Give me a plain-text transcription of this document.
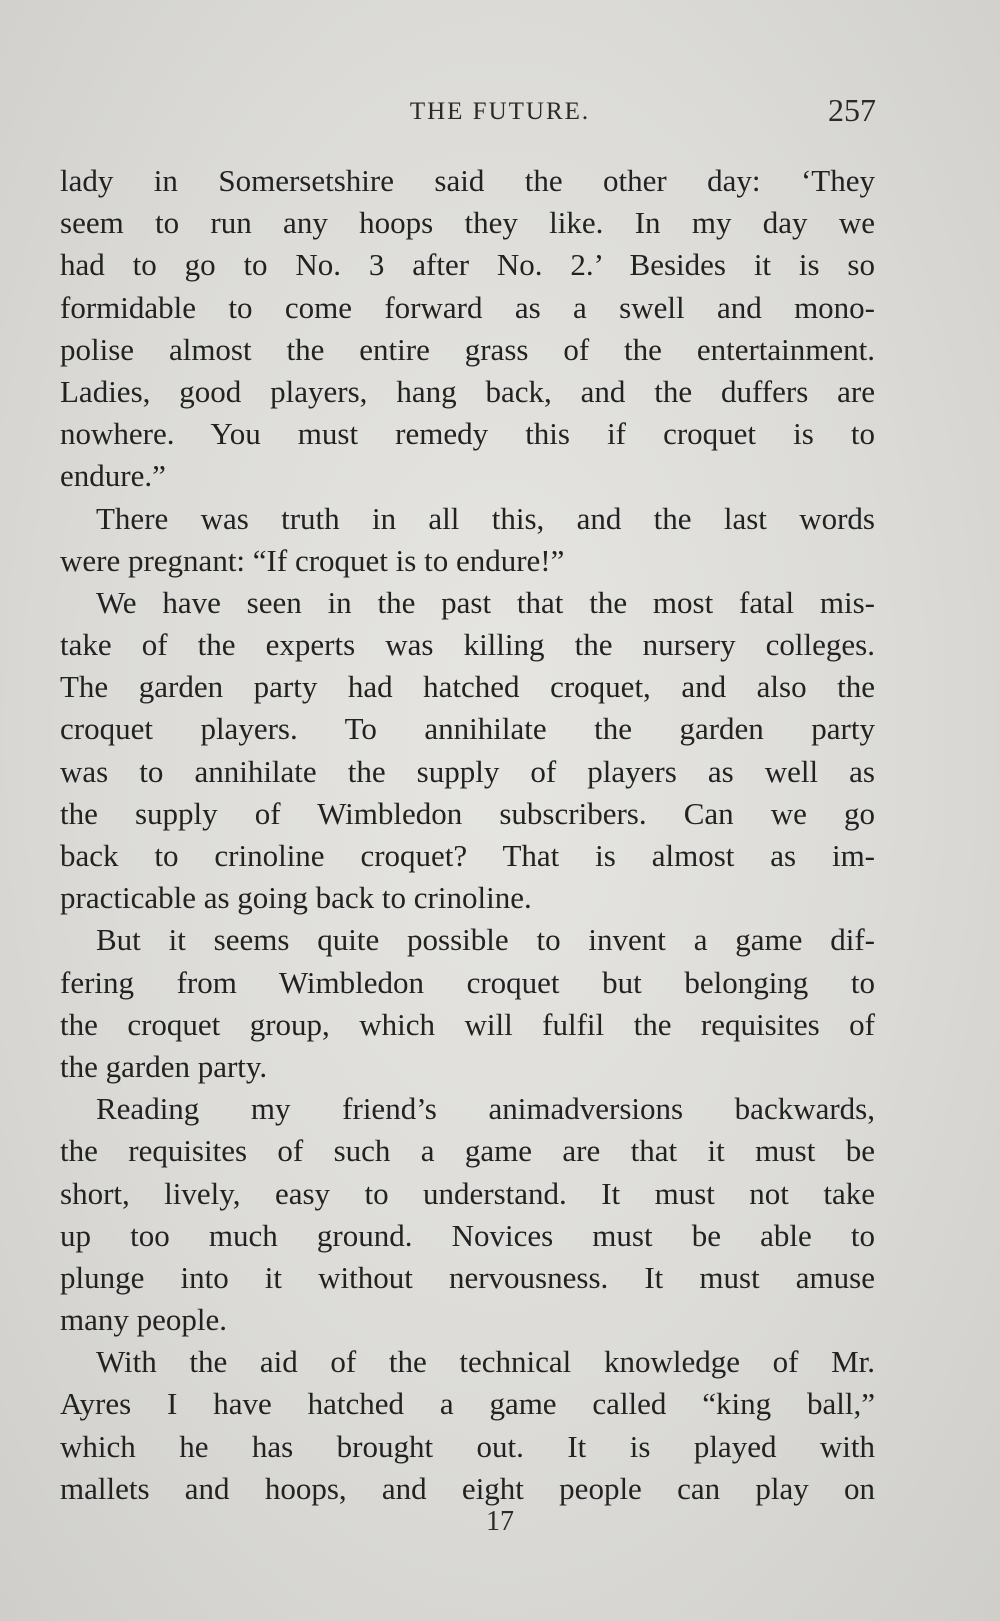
THE FUTURE.	257
lady in Somersetshire said the other day: ‘They
seem to run any hoops they like. In my day we
had to go to No. 3 after No. 2.’ Besides it is so
formidable to come forward as a swell and mono-
polise almost the entire grass of the entertainment.
Ladies, good players, hang back, and the duffers are
nowhere. You must remedy this if croquet is to
endure.”
There was truth in all this, and the last words
were pregnant: “If croquet is to endure!”
We have seen in the past that the most fatal mis-
take of the experts was killing the nursery colleges.
The garden party had hatched croquet, and also the
croquet players. To annihilate the garden party
was to annihilate the supply of players as well as
the supply of Wimbledon subscribers. Can we go
back to crinoline croquet? That is almost as im-
practicable as going back to crinoline.
But it seems quite possible to invent a game dif-
fering from Wimbledon croquet but belonging to
the croquet group, which will fulfil the requisites of
the garden party.
Reading my friend’s animadversions backwards,
the requisites of such a game are that it must be
short, lively, easy to understand. It must not take
up too much ground. Novices must be able to
plunge into it without nervousness. It must amuse
many people.
With the aid of the technical knowledge of Mr.
Ayres I have hatched a game called “king ball,”
which he has brought out. It is played with
mallets and hoops, and eight people can play on
17
